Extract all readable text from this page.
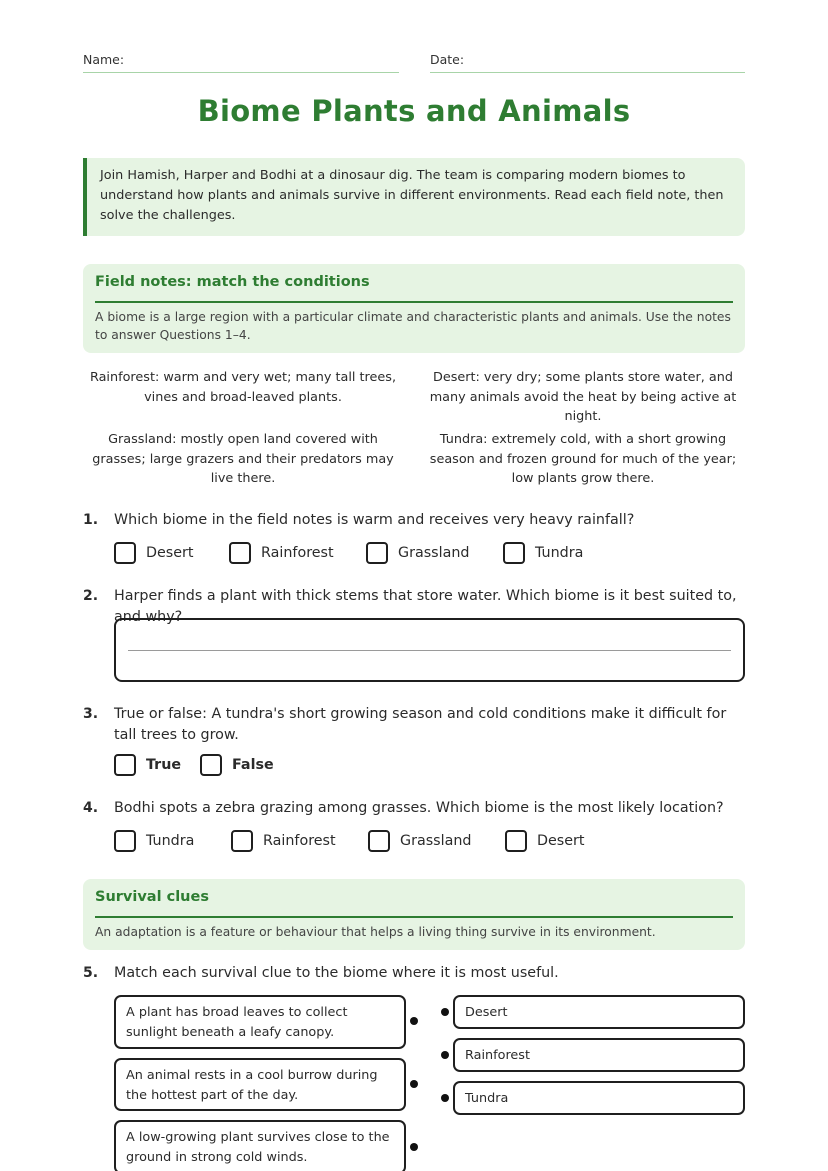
Name:	Date:
Biome Plants and Animals
Join Hamish, Harper and Bodhi at a dinosaur dig. The team is comparing modern biomes to understand how plants and animals survive in different environments. Read each field note, then solve the challenges.
Field notes: match the conditions
A biome is a large region with a particular climate and characteristic plants and animals. Use the notes to answer Questions 1–4.
Rainforest: warm and very wet; many tall trees, vines and broad-leaved plants.
Desert: very dry; some plants store water, and many animals avoid the heat by being active at night.
Grassland: mostly open land covered with grasses; large grazers and their predators may live there.
Tundra: extremely cold, with a short growing season and frozen ground for much of the year; low plants grow there.
1. Which biome in the field notes is warm and receives very heavy rainfall?
Desert	Rainforest	Grassland	Tundra
2. Harper finds a plant with thick stems that store water. Which biome is it best suited to, and why?
3. True or false: A tundra's short growing season and cold conditions make it difficult for tall trees to grow.
True	False
4. Bodhi spots a zebra grazing among grasses. Which biome is the most likely location?
Tundra	Rainforest	Grassland	Desert
Survival clues
An adaptation is a feature or behaviour that helps a living thing survive in its environment.
5. Match each survival clue to the biome where it is most useful.
A plant has broad leaves to collect sunlight beneath a leafy canopy.
An animal rests in a cool burrow during the hottest part of the day.
A low-growing plant survives close to the ground in strong cold winds.
Desert
Rainforest
Tundra
